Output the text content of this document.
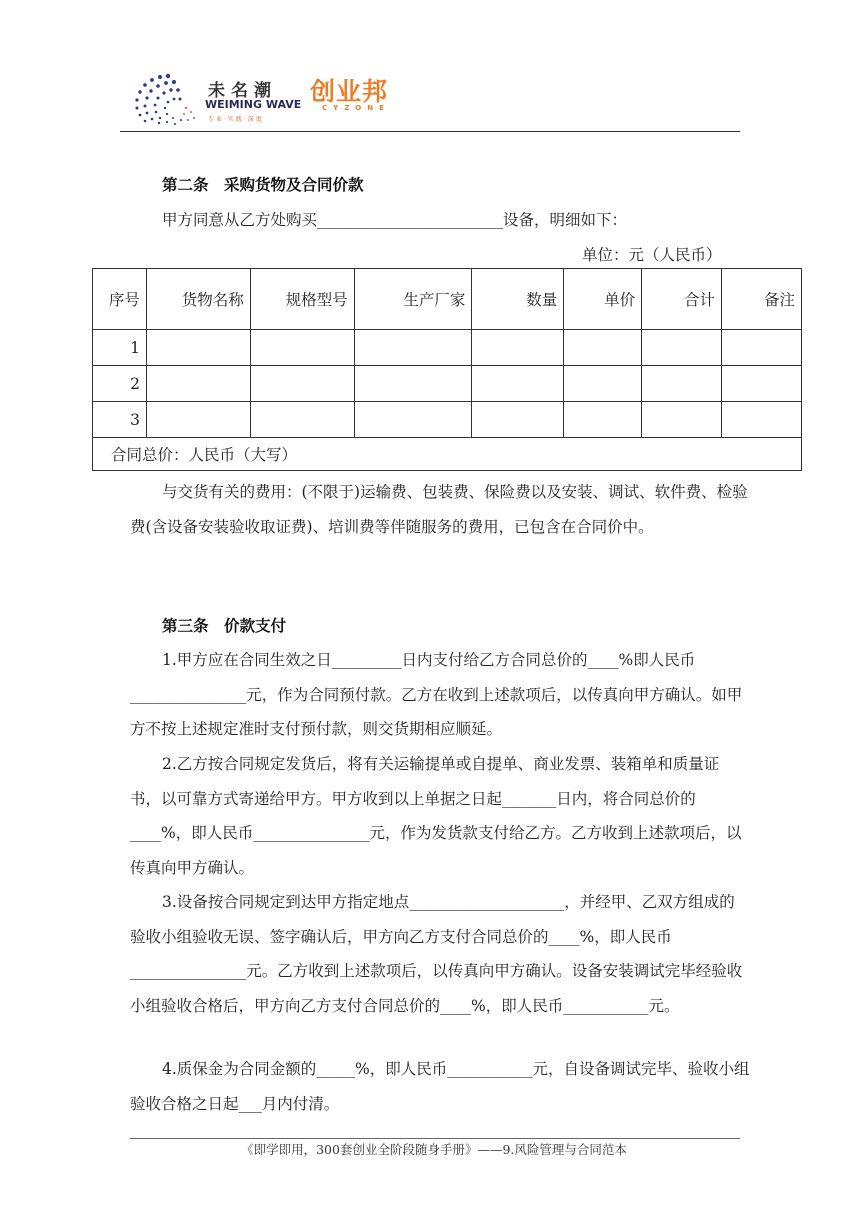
未名潮
WEIMING WAVE
专业·实践·深度
创业邦
CYZONE
第二条　采购货物及合同价款
甲方同意从乙方处购买________________________设备，明细如下：
单位：元（人民币）
序号	货物名称	规格型号	生产厂家	数量	单价	合计	备注
1							
2							
3							
合同总价：人民币（大写）							
与交货有关的费用：(不限于)运输费、包装费、保险费以及安装、调试、软件费、检验费(含设备安装验收取证费)、培训费等伴随服务的费用，已包含在合同价中。
第三条　价款支付
1.甲方应在合同生效之日_________日内支付给乙方合同总价的____%即人民币_______________元，作为合同预付款。乙方在收到上述款项后，以传真向甲方确认。如甲方不按上述规定准时支付预付款，则交货期相应顺延。
2.乙方按合同规定发货后，将有关运输提单或自提单、商业发票、装箱单和质量证书，以可靠方式寄递给甲方。甲方收到以上单据之日起_______日内，将合同总价的 ____%，即人民币_______________元，作为发货款支付给乙方。乙方收到上述款项后，以传真向甲方确认。
3.设备按合同规定到达甲方指定地点____________________，并经甲、乙双方组成的验收小组验收无误、签字确认后，甲方向乙方支付合同总价的____%，即人民币_______________元。乙方收到上述款项后，以传真向甲方确认。设备安装调试完毕经验收小组验收合格后，甲方向乙方支付合同总价的____%，即人民币___________元。
4.质保金为合同金额的_____%，即人民币___________元，自设备调试完毕、验收小组验收合格之日起___月内付清。
《即学即用，300套创业全阶段随身手册》——9.风险管理与合同范本
